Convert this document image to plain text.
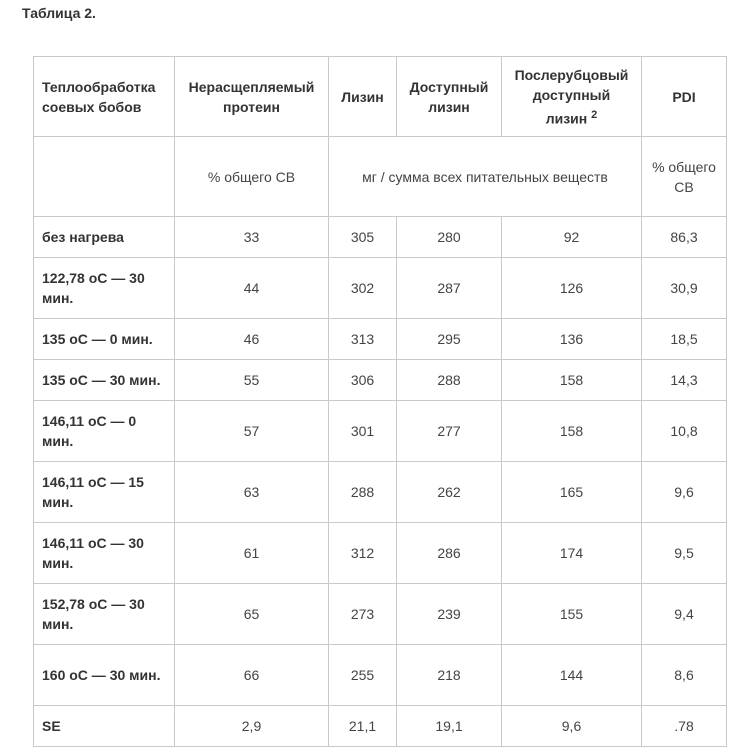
Таблица 2.
Теплообработка соевых бобов	Нерасщепляемый протеин	Лизин	Доступный лизин	Послерубцовый доступный лизин $^2$	PDI
	% общего СВ	мг / сумма всех питательных веществ			% общего СВ
без нагрева	33	305	280	92	86,3
122,78 оС — 30 мин.	44	302	287	126	30,9
135 оС — 0 мин.	46	313	295	136	18,5
135 оС — 30 мин.	55	306	288	158	14,3
146,11 оС — 0 мин.	57	301	277	158	10,8
146,11 оС — 15 мин.	63	288	262	165	9,6
146,11 оС — 30 мин.	61	312	286	174	9,5
152,78 оС — 30 мин.	65	273	239	155	9,4
160 оС — 30 мин.	66	255	218	144	8,6
SE	2,9	21,1	19,1	9,6	.78
